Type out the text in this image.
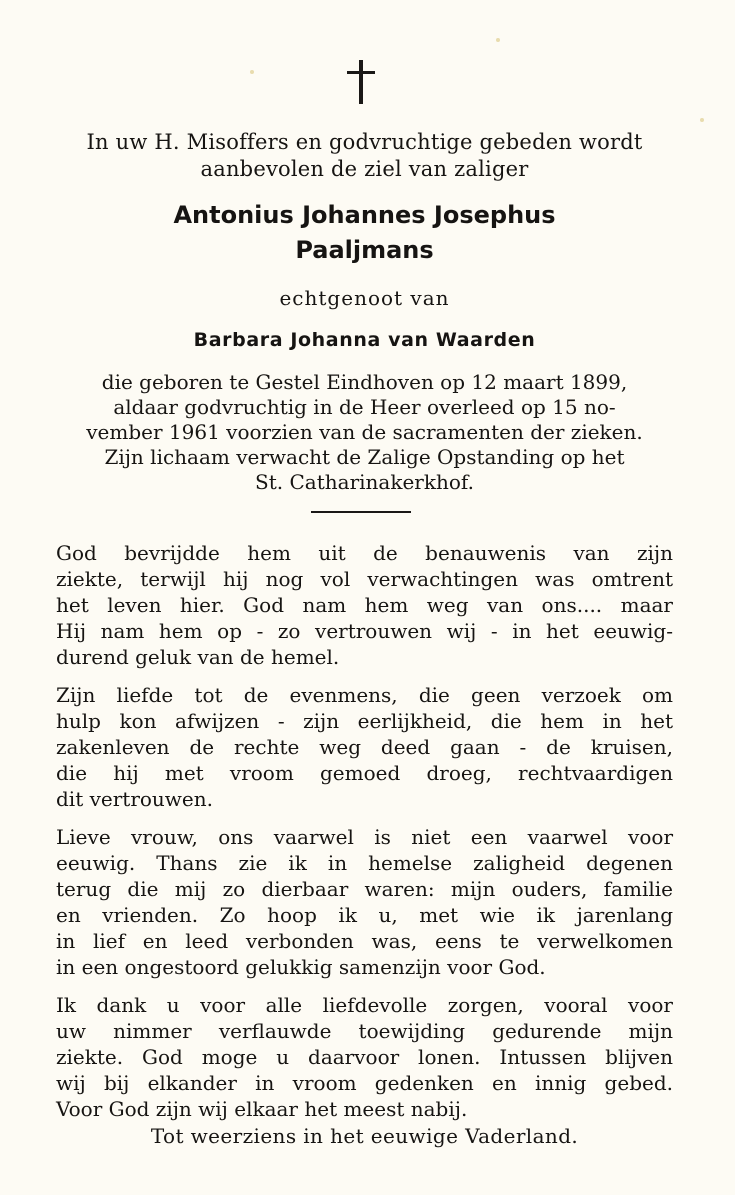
In uw H. Misoffers en godvruchtige gebeden wordt
aanbevolen de ziel van zaliger
Antonius Johannes Josephus
Paaljmans
echtgenoot van
Barbara Johanna van Waarden
die geboren te Gestel Eindhoven op 12 maart 1899,
aldaar godvruchtig in de Heer overleed op 15 no-
vember 1961 voorzien van de sacramenten der zieken.
Zijn lichaam verwacht de Zalige Opstanding op het
St. Catharinakerkhof.
God bevrijdde hem uit de benauwenis van zijn
ziekte, terwijl hij nog vol verwachtingen was omtrent
het leven hier. God nam hem weg van ons.... maar
Hij nam hem op - zo vertrouwen wij - in het eeuwig-
durend geluk van de hemel.
Zijn liefde tot de evenmens, die geen verzoek om
hulp kon afwijzen - zijn eerlijkheid, die hem in het
zakenleven de rechte weg deed gaan - de kruisen,
die hij met vroom gemoed droeg, rechtvaardigen
dit vertrouwen.
Lieve vrouw, ons vaarwel is niet een vaarwel voor
eeuwig. Thans zie ik in hemelse zaligheid degenen
terug die mij zo dierbaar waren: mijn ouders, familie
en vrienden. Zo hoop ik u, met wie ik jarenlang
in lief en leed verbonden was, eens te verwelkomen
in een ongestoord gelukkig samenzijn voor God.
Ik dank u voor alle liefdevolle zorgen, vooral voor
uw nimmer verflauwde toewijding gedurende mijn
ziekte. God moge u daarvoor lonen. Intussen blijven
wij bij elkander in vroom gedenken en innig gebed.
Voor God zijn wij elkaar het meest nabij.
Tot weerziens in het eeuwige Vaderland.
